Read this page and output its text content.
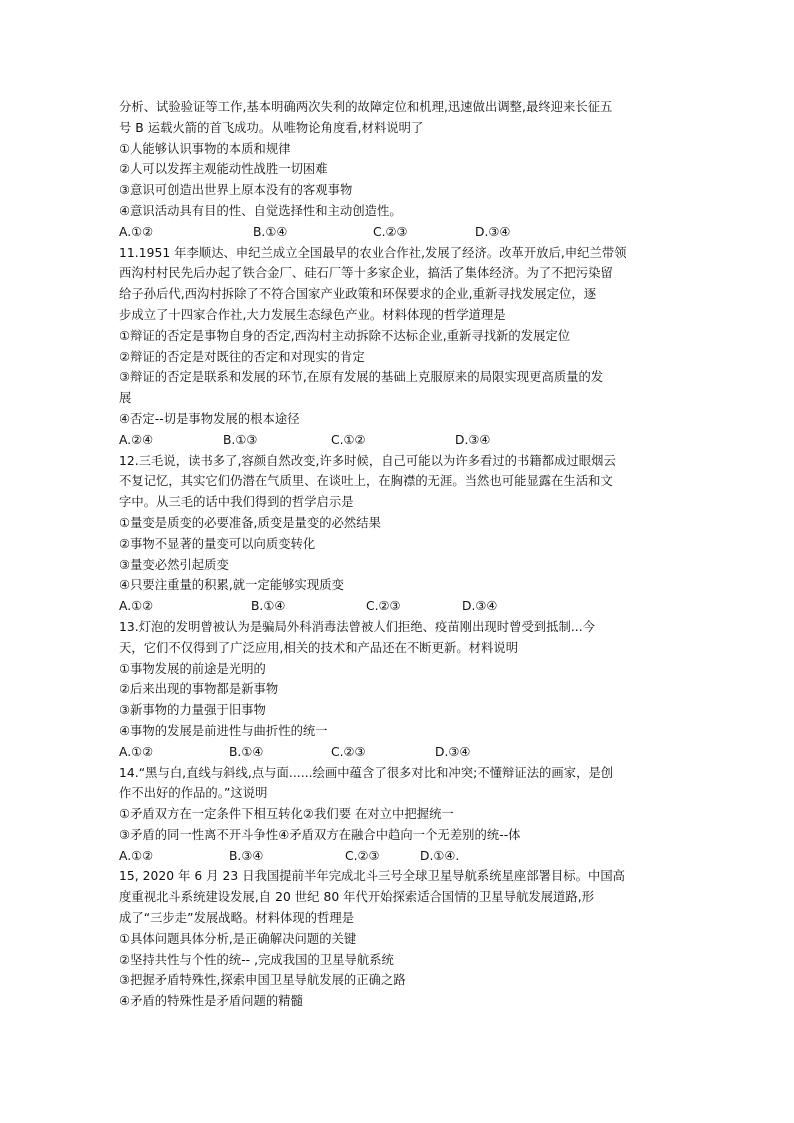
分析、试验验证等工作,基本明确两次失利的故障定位和机理,迅速做出调整,最终迎来长征五
号 B 运载火箭的首飞成功。从唯物论角度看,材料说明了
①人能够认识事物的本质和规律
②人可以发挥主观能动性战胜一切困难
③意识可创造出世界上原本没有的客观事物
④意识活动具有目的性、自觉选择性和主动创造性。
A.①②	B.①④	C.②③	D.③④
11.1951 年李顺达、申纪兰成立全国最早的农业合作社,发展了经济。改革开放后,申纪兰带领
西沟村村民先后办起了铁合金厂、硅石厂等十多家企业，搞活了集体经济。为了不把污染留
给子孙后代,西沟村拆除了不符合国家产业政策和环保要求的企业,重新寻找发展定位，逐
步成立了十四家合作社,大力发展生态绿色产业。材料体现的哲学道理是
①辩证的否定是事物自身的否定,西沟村主动拆除不达标企业,重新寻找新的发展定位
②辩证的否定是对既往的否定和对现实的肯定
③辩证的否定是联系和发展的环节,在原有发展的基础上克服原来的局限实现更高质量的发
展
④否定--切是事物发展的根本途径
A.②④	B.①③	C.①②	D.③④
12.三毛说，读书多了,容颜自然改变,许多时候，自己可能以为许多看过的书籍都成过眼烟云
不复记忆，其实它们仍潜在气质里、在谈吐上，在胸襟的无涯。当然也可能显露在生活和文
字中。从三毛的话中我们得到的哲学启示是
①量变是质变的必要准备,质变是量变的必然结果
②事物不显著的量变可以向质变转化
③量变必然引起质变
④只要注重量的积累,就一定能够实现质变
A.①②	B.①④	C.②③	D.③④
13.灯泡的发明曾被认为是骗局外科消毒法曾被人们拒绝、疫苗刚出现时曾受到抵制...今
天，它们不仅得到了广泛应用,相关的技术和产品还在不断更新。材料说明
①事物发展的前途是光明的
②后来出现的事物都是新事物
③新事物的力量强于旧事物
④事物的发展是前进性与曲折性的统一
A.①②	B.①④	C.②③	D.③④
14.“黑与白,直线与斜线,点与面......绘画中蕴含了很多对比和冲突;不懂辩证法的画家，是创
作不出好的作品的。”这说明
①矛盾双方在一定条件下相互转化②我们要 在对立中把握统一
③矛盾的同一性离不开斗争性④矛盾双方在融合中趋向一个无差别的统--体
A.①②	B.③④	C.②③	D.①④.
15, 2020 年 6 月 23 日我国提前半年完成北斗三号全球卫星导航系统星座部署目标。中国高
度重视北斗系统建设发展,自 20 世纪 80 年代开始探索适合国情的卫星导航发展道路,形
成了“三步走”发展战略。材料体现的哲理是
①具体问题具体分析,是正确解决问题的关键
②坚持共性与个性的统-- ,完成我国的卫星导航系统
③把握矛盾特殊性,探索申国卫星导航发展的正确之路
④矛盾的特殊性是矛盾问题的精髓
